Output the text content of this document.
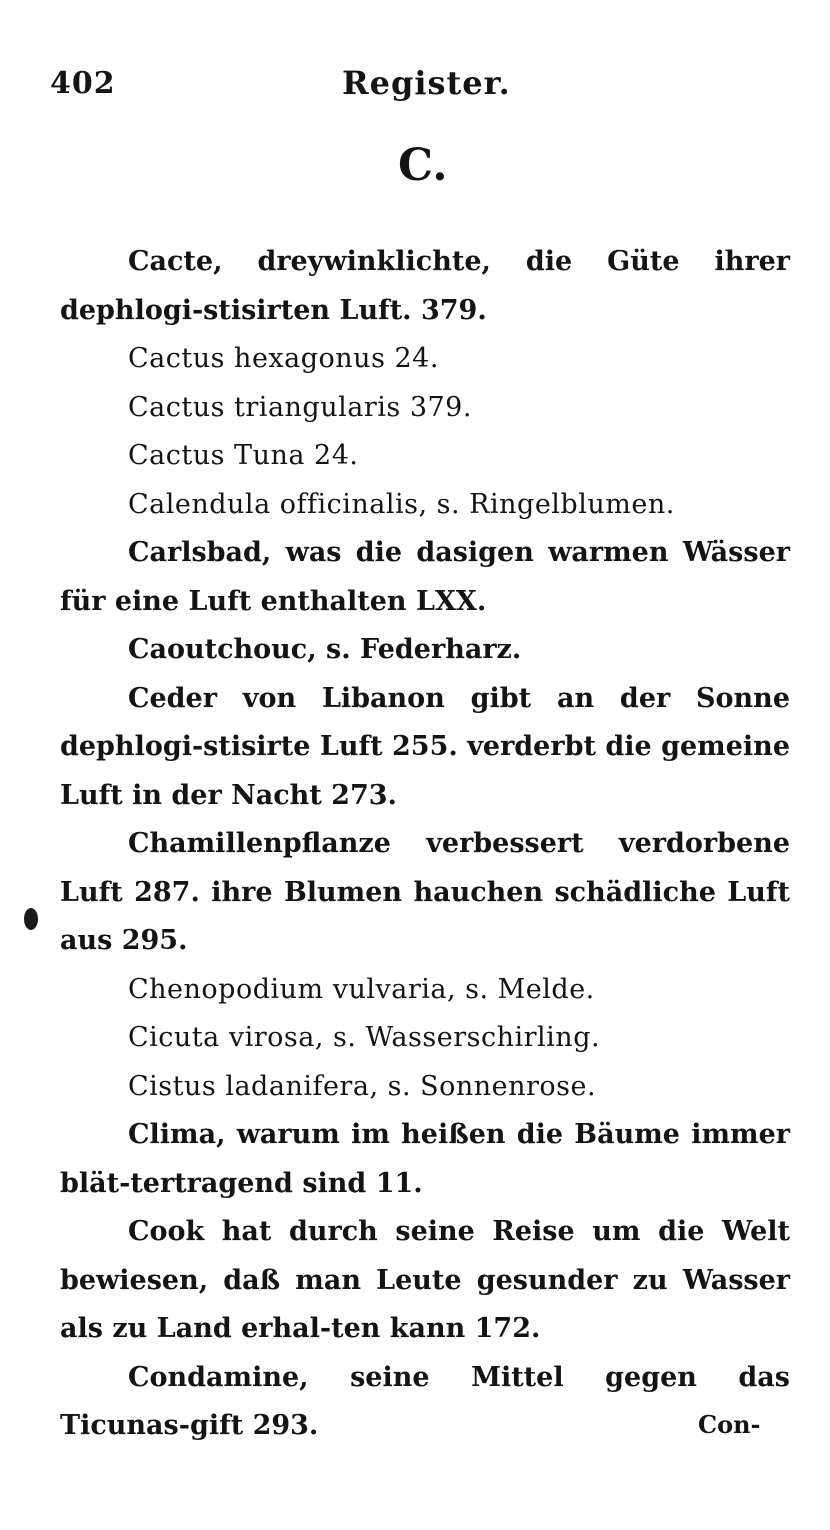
402	Register.
C.

Cacte, dreywinklichte, die Güte ihrer dephlogi-stisirten Luft. 379.

Cactus hexagonus 24.

Cactus triangularis 379.

Cactus Tuna 24.

Calendula officinalis, s. Ringelblumen.

Carlsbad, was die dasigen warmen Wässer für eine Luft enthalten LXX.

Caoutchouc, s. Federharz.

Ceder von Libanon gibt an der Sonne dephlogi-stisirte Luft 255. verderbt die gemeine Luft in der Nacht 273.

Chamillenpflanze verbessert verdorbene Luft 287. ihre Blumen hauchen schädliche Luft aus 295.

Chenopodium vulvaria, s. Melde.

Cicuta virosa, s. Wasserschirling.

Cistus ladanifera, s. Sonnenrose.

Clima, warum im heißen die Bäume immer blät-tertragend sind 11.

Cook hat durch seine Reise um die Welt bewiesen, daß man Leute gesunder zu Wasser als zu Land erhal-ten kann 172.

Condamine, seine Mittel gegen das Ticunas-gift 293.	Con-
